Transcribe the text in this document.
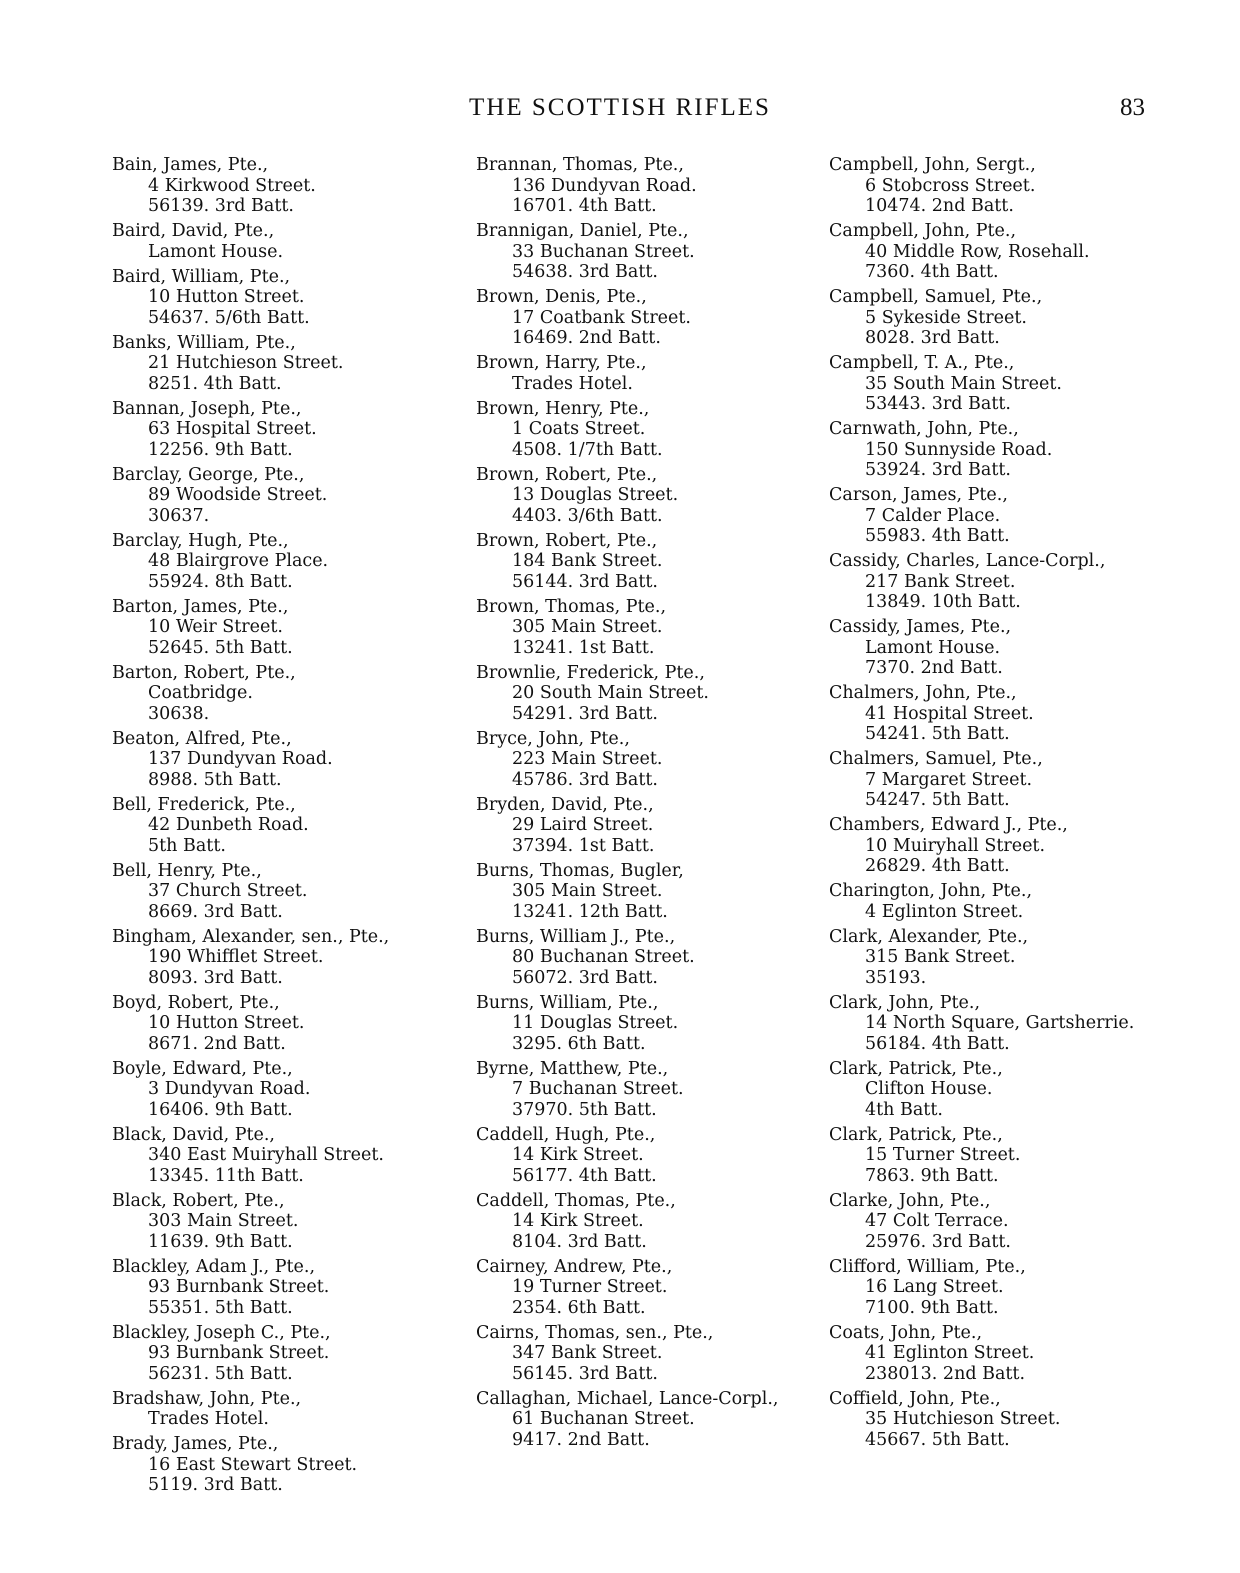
THE SCOTTISH RIFLES	83
Bain, James, Pte.,
4 Kirkwood Street.
56139. 3rd Batt.
Baird, David, Pte.,
Lamont House.
Baird, William, Pte.,
10 Hutton Street.
54637. 5/6th Batt.
Banks, William, Pte.,
21 Hutchieson Street.
8251. 4th Batt.
Bannan, Joseph, Pte.,
63 Hospital Street.
12256. 9th Batt.
Barclay, George, Pte.,
89 Woodside Street.
30637.
Barclay, Hugh, Pte.,
48 Blairgrove Place.
55924. 8th Batt.
Barton, James, Pte.,
10 Weir Street.
52645. 5th Batt.
Barton, Robert, Pte.,
Coatbridge.
30638.
Beaton, Alfred, Pte.,
137 Dundyvan Road.
8988. 5th Batt.
Bell, Frederick, Pte.,
42 Dunbeth Road.
5th Batt.
Bell, Henry, Pte.,
37 Church Street.
8669. 3rd Batt.
Bingham, Alexander, sen., Pte.,
190 Whifflet Street.
8093. 3rd Batt.
Boyd, Robert, Pte.,
10 Hutton Street.
8671. 2nd Batt.
Boyle, Edward, Pte.,
3 Dundyvan Road.
16406. 9th Batt.
Black, David, Pte.,
340 East Muiryhall Street.
13345. 11th Batt.
Black, Robert, Pte.,
303 Main Street.
11639. 9th Batt.
Blackley, Adam J., Pte.,
93 Burnbank Street.
55351. 5th Batt.
Blackley, Joseph C., Pte.,
93 Burnbank Street.
56231. 5th Batt.
Bradshaw, John, Pte.,
Trades Hotel.
Brady, James, Pte.,
16 East Stewart Street.
5119. 3rd Batt.
Brannan, Thomas, Pte.,
136 Dundyvan Road.
16701. 4th Batt.
Brannigan, Daniel, Pte.,
33 Buchanan Street.
54638. 3rd Batt.
Brown, Denis, Pte.,
17 Coatbank Street.
16469. 2nd Batt.
Brown, Harry, Pte.,
Trades Hotel.
Brown, Henry, Pte.,
1 Coats Street.
4508. 1/7th Batt.
Brown, Robert, Pte.,
13 Douglas Street.
4403. 3/6th Batt.
Brown, Robert, Pte.,
184 Bank Street.
56144. 3rd Batt.
Brown, Thomas, Pte.,
305 Main Street.
13241. 1st Batt.
Brownlie, Frederick, Pte.,
20 South Main Street.
54291. 3rd Batt.
Bryce, John, Pte.,
223 Main Street.
45786. 3rd Batt.
Bryden, David, Pte.,
29 Laird Street.
37394. 1st Batt.
Burns, Thomas, Bugler,
305 Main Street.
13241. 12th Batt.
Burns, William J., Pte.,
80 Buchanan Street.
56072. 3rd Batt.
Burns, William, Pte.,
11 Douglas Street.
3295. 6th Batt.
Byrne, Matthew, Pte.,
7 Buchanan Street.
37970. 5th Batt.
Caddell, Hugh, Pte.,
14 Kirk Street.
56177. 4th Batt.
Caddell, Thomas, Pte.,
14 Kirk Street.
8104. 3rd Batt.
Cairney, Andrew, Pte.,
19 Turner Street.
2354. 6th Batt.
Cairns, Thomas, sen., Pte.,
347 Bank Street.
56145. 3rd Batt.
Callaghan, Michael, Lance-Corpl.,
61 Buchanan Street.
9417. 2nd Batt.
Campbell, John, Sergt.,
6 Stobcross Street.
10474. 2nd Batt.
Campbell, John, Pte.,
40 Middle Row, Rosehall.
7360. 4th Batt.
Campbell, Samuel, Pte.,
5 Sykeside Street.
8028. 3rd Batt.
Campbell, T. A., Pte.,
35 South Main Street.
53443. 3rd Batt.
Carnwath, John, Pte.,
150 Sunnyside Road.
53924. 3rd Batt.
Carson, James, Pte.,
7 Calder Place.
55983. 4th Batt.
Cassidy, Charles, Lance-Corpl.,
217 Bank Street.
13849. 10th Batt.
Cassidy, James, Pte.,
Lamont House.
7370. 2nd Batt.
Chalmers, John, Pte.,
41 Hospital Street.
54241. 5th Batt.
Chalmers, Samuel, Pte.,
7 Margaret Street.
54247. 5th Batt.
Chambers, Edward J., Pte.,
10 Muiryhall Street.
26829. 4th Batt.
Charington, John, Pte.,
4 Eglinton Street.
Clark, Alexander, Pte.,
315 Bank Street.
35193.
Clark, John, Pte.,
14 North Square, Gartsherrie.
56184. 4th Batt.
Clark, Patrick, Pte.,
Clifton House.
4th Batt.
Clark, Patrick, Pte.,
15 Turner Street.
7863. 9th Batt.
Clarke, John, Pte.,
47 Colt Terrace.
25976. 3rd Batt.
Clifford, William, Pte.,
16 Lang Street.
7100. 9th Batt.
Coats, John, Pte.,
41 Eglinton Street.
238013. 2nd Batt.
Coffield, John, Pte.,
35 Hutchieson Street.
45667. 5th Batt.
